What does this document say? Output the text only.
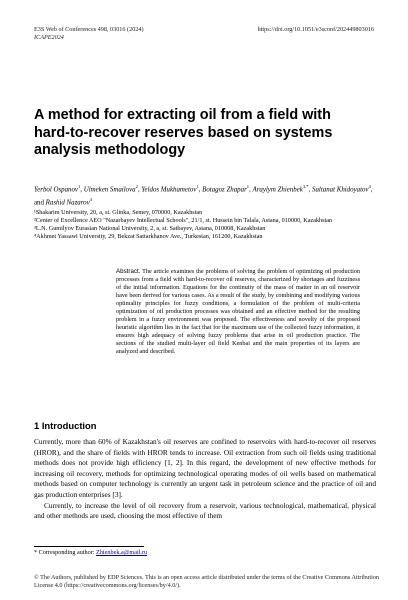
E3S Web of Conferences 498, 03016 (2024)
ICAPE2024
https://doi.org/10.1051/e3sconf/202449803016
A method for extracting oil from a field with hard-to-recover reserves based on systems analysis methodology
Yerbol Ospanov$^1$, Ulmeken Smailova$^2$, Yeldos Mukhametov$^1$, Botagoz Zhapar$^1$, Araylym Zhienbek$^{3,*}$, Saltanat Khidoyatov$^4$, and Rashid Nazarov$^4$
¹Shakarim University, 20, a, st. Glinka, Semey, 070000, Kazakhstan
²Center of Excellence AEO "Nazarbayev Intellectual Schools", 21/1, st. Hussein bin Talala, Astana, 010000, Kazakhstan
³L.N. Gumilyov Eurasian National University, 2, a, st. Satbayev, Astana, 010008, Kazakhstan
⁴Akhmet Yassawi University, 29, Bekzat Sattarkhanov Ave., Turkestan, 161200, Kazakhstan
Abstract. The article examines the problems of solving the problem of optimizing oil production processes from a field with hard-to-recover oil reserves, characterized by shortages and fuzziness of the initial information. Equations for the continuity of the mass of matter in an oil reservoir have been derived for various cases. As a result of the study, by combining and modifying various optimality principles for fuzzy conditions, a formulation of the problem of multi-criteria optimization of oil production processes was obtained and an effective method for the resulting problem in a fuzzy environment was proposed. The effectiveness and novelty of the proposed heuristic algorithm lies in the fact that for the maximum use of the collected fuzzy information, it ensures high adequacy of solving fuzzy problems that arise in oil production practice. The sections of the studied multi-layer oil field Kenbai and the main properties of its layers are analyzed and described.
1 Introduction

Currently, more than 60% of Kazakhstan's oil reserves are confined to reservoirs with hard-to-recover oil reserves (HROR), and the share of fields with HROR tends to increase. Oil extraction from such oil fields using traditional methods does not provide high efficiency [1, 2]. In this regard, the development of new effective methods for increasing oil recovery, methods for optimizing technological operating modes of oil wells based on mathematical methods based on computer technology is currently an urgent task in petroleum science and the practice of oil and gas production enterprises [3].

Currently, to increase the level of oil recovery from a reservoir, various technological, mathematical, physical and other methods are used, choosing the most effective of them

* Corresponding author: Zhienbek.a@mail.ru
© The Authors, published by EDP Sciences. This is an open access article distributed under the terms of the Creative Commons Attribution License 4.0 (https://creativecommons.org/licenses/by/4.0/).
